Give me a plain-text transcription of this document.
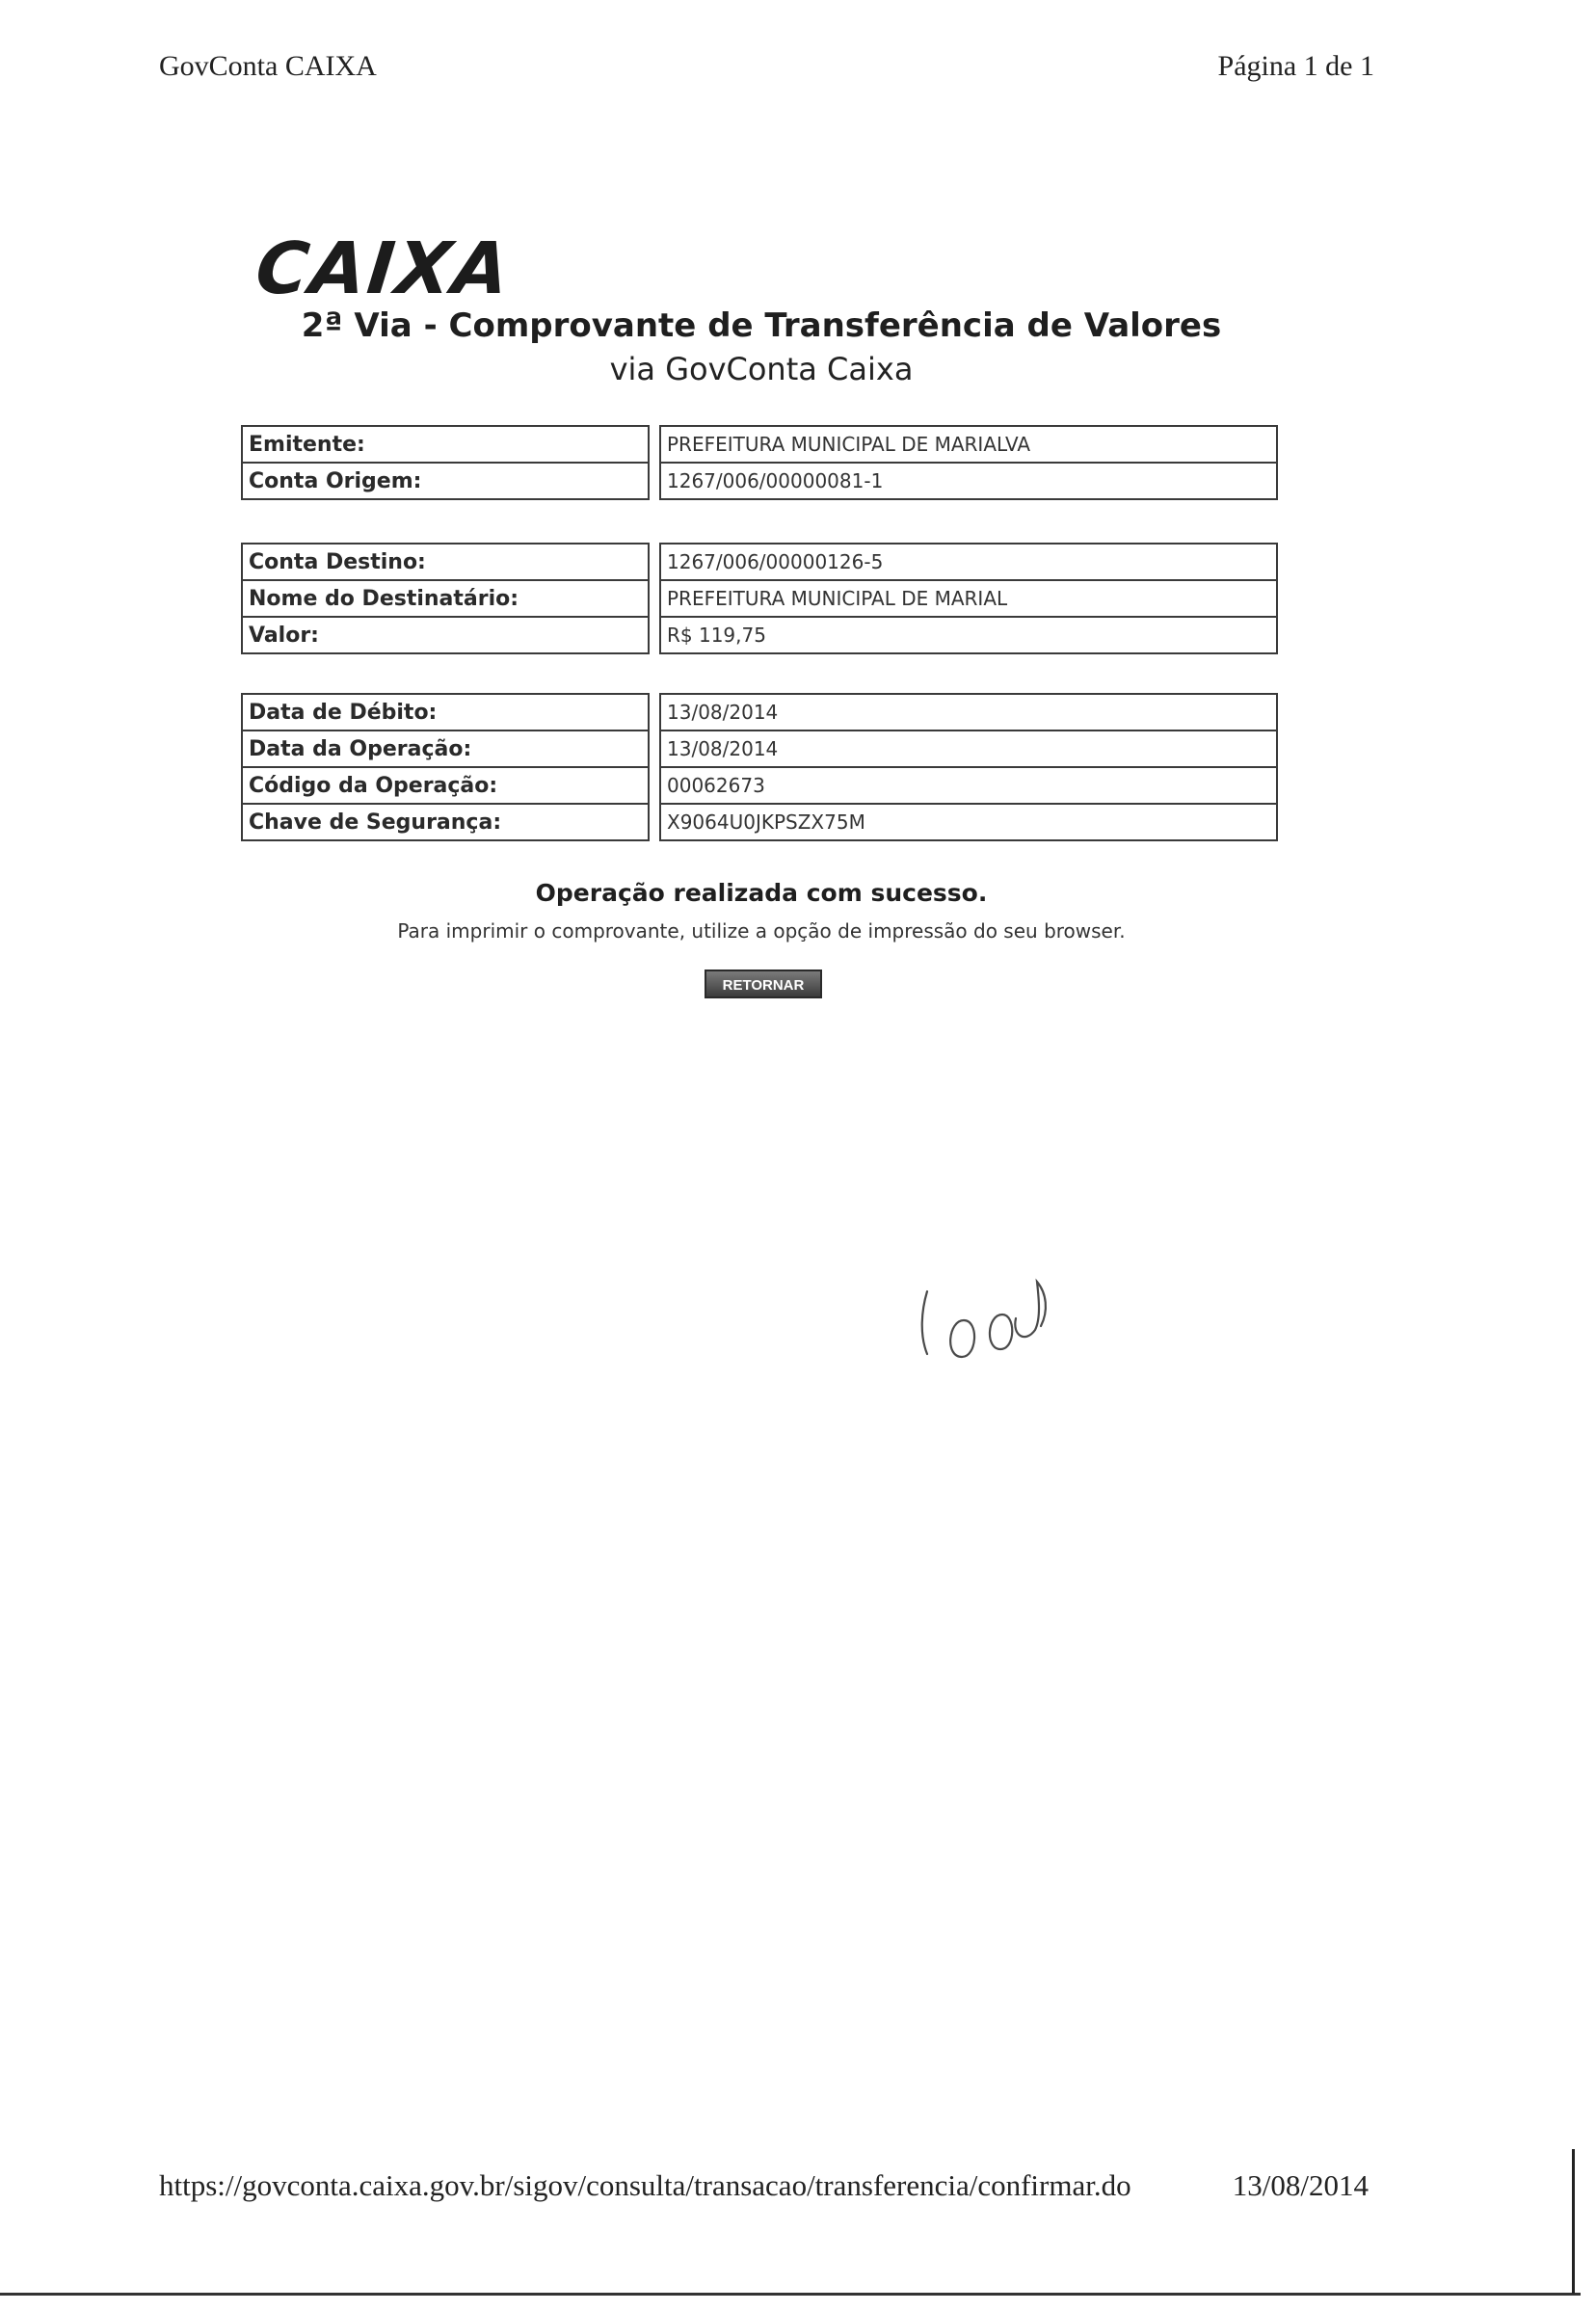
GovConta CAIXA	Página 1 de 1
CAIXA
2ª Via - Comprovante de Transferência de Valores
via GovConta Caixa
Emitente:		PREFEITURA MUNICIPAL DE MARIALVA
Conta Origem:		1267/006/00000081-1
Conta Destino:		1267/006/00000126-5
Nome do Destinatário:		PREFEITURA MUNICIPAL DE MARIAL
Valor:		R$ 119,75
Data de Débito:		13/08/2014
Data da Operação:		13/08/2014
Código da Operação:		00062673
Chave de Segurança:		X9064U0JKPSZX75M
Operação realizada com sucesso.
Para imprimir o comprovante, utilize a opção de impressão do seu browser.
RETORNAR
https://govconta.caixa.gov.br/sigov/consulta/transacao/transferencia/confirmar.do	13/08/2014
